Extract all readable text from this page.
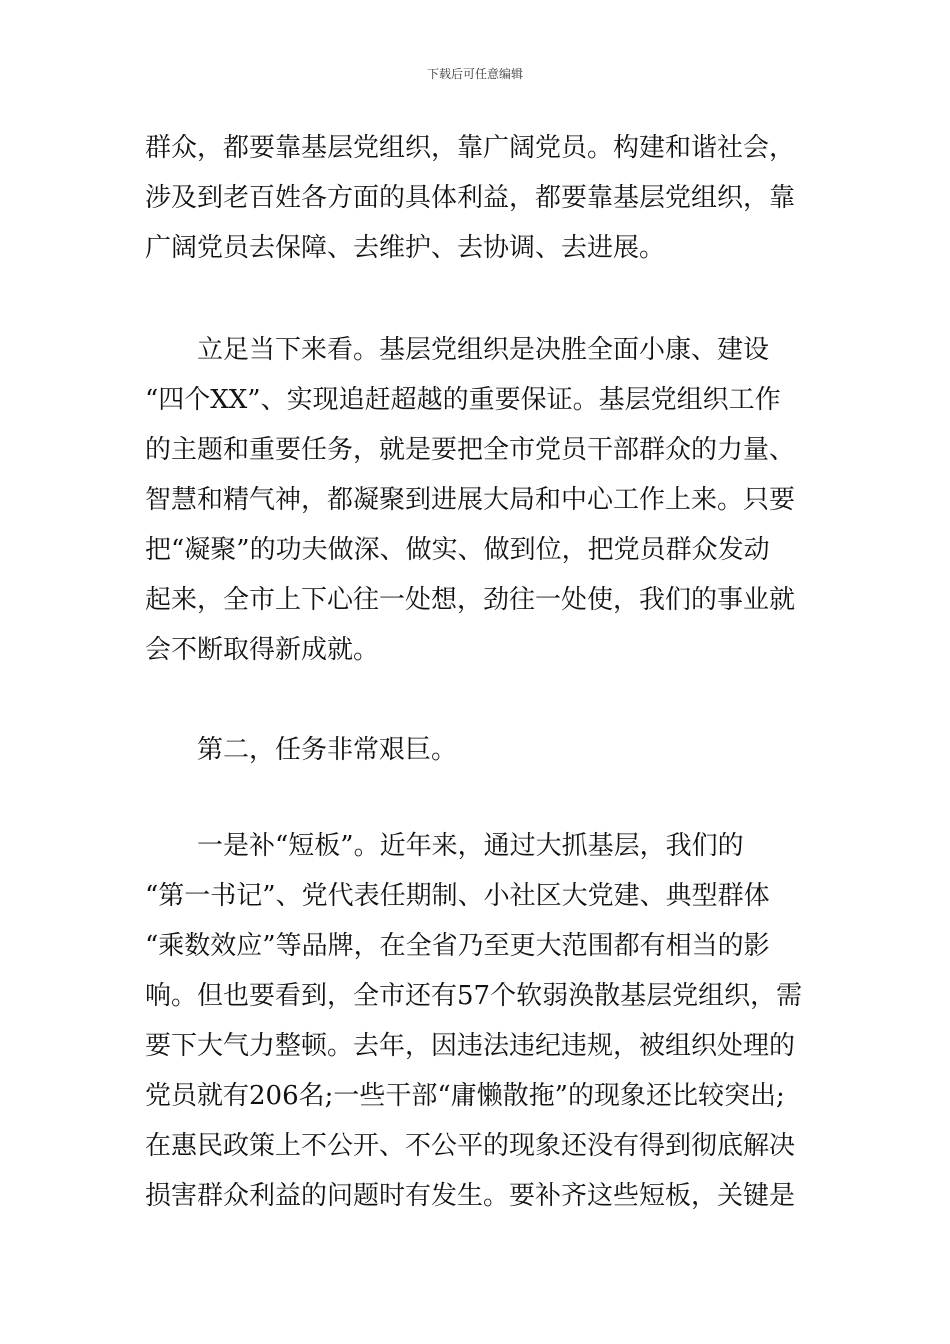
下载后可任意编辑
群众，都要靠基层党组织，靠广阔党员。构建和谐社会，
涉及到老百姓各方面的具体利益，都要靠基层党组织，靠
广阔党员去保障、去维护、去协调、去进展。
立足当下来看。基层党组织是决胜全面小康、建设
“四个XX”、实现追赶超越的重要保证。基层党组织工作
的主题和重要任务，就是要把全市党员干部群众的力量、
智慧和精气神，都凝聚到进展大局和中心工作上来。只要
把“凝聚”的功夫做深、做实、做到位，把党员群众发动
起来，全市上下心往一处想，劲往一处使，我们的事业就
会不断取得新成就。
第二，任务非常艰巨。
一是补“短板”。近年来，通过大抓基层，我们的
“第一书记”、党代表任期制、小社区大党建、典型群体
“乘数效应”等品牌，在全省乃至更大范围都有相当的影
响。但也要看到，全市还有57个软弱涣散基层党组织，需
要下大气力整顿。去年，因违法违纪违规，被组织处理的
党员就有206名;一些干部“庸懒散拖”的现象还比较突出;
在惠民政策上不公开、不公平的现象还没有得到彻底解决
损害群众利益的问题时有发生。要补齐这些短板，关键是
